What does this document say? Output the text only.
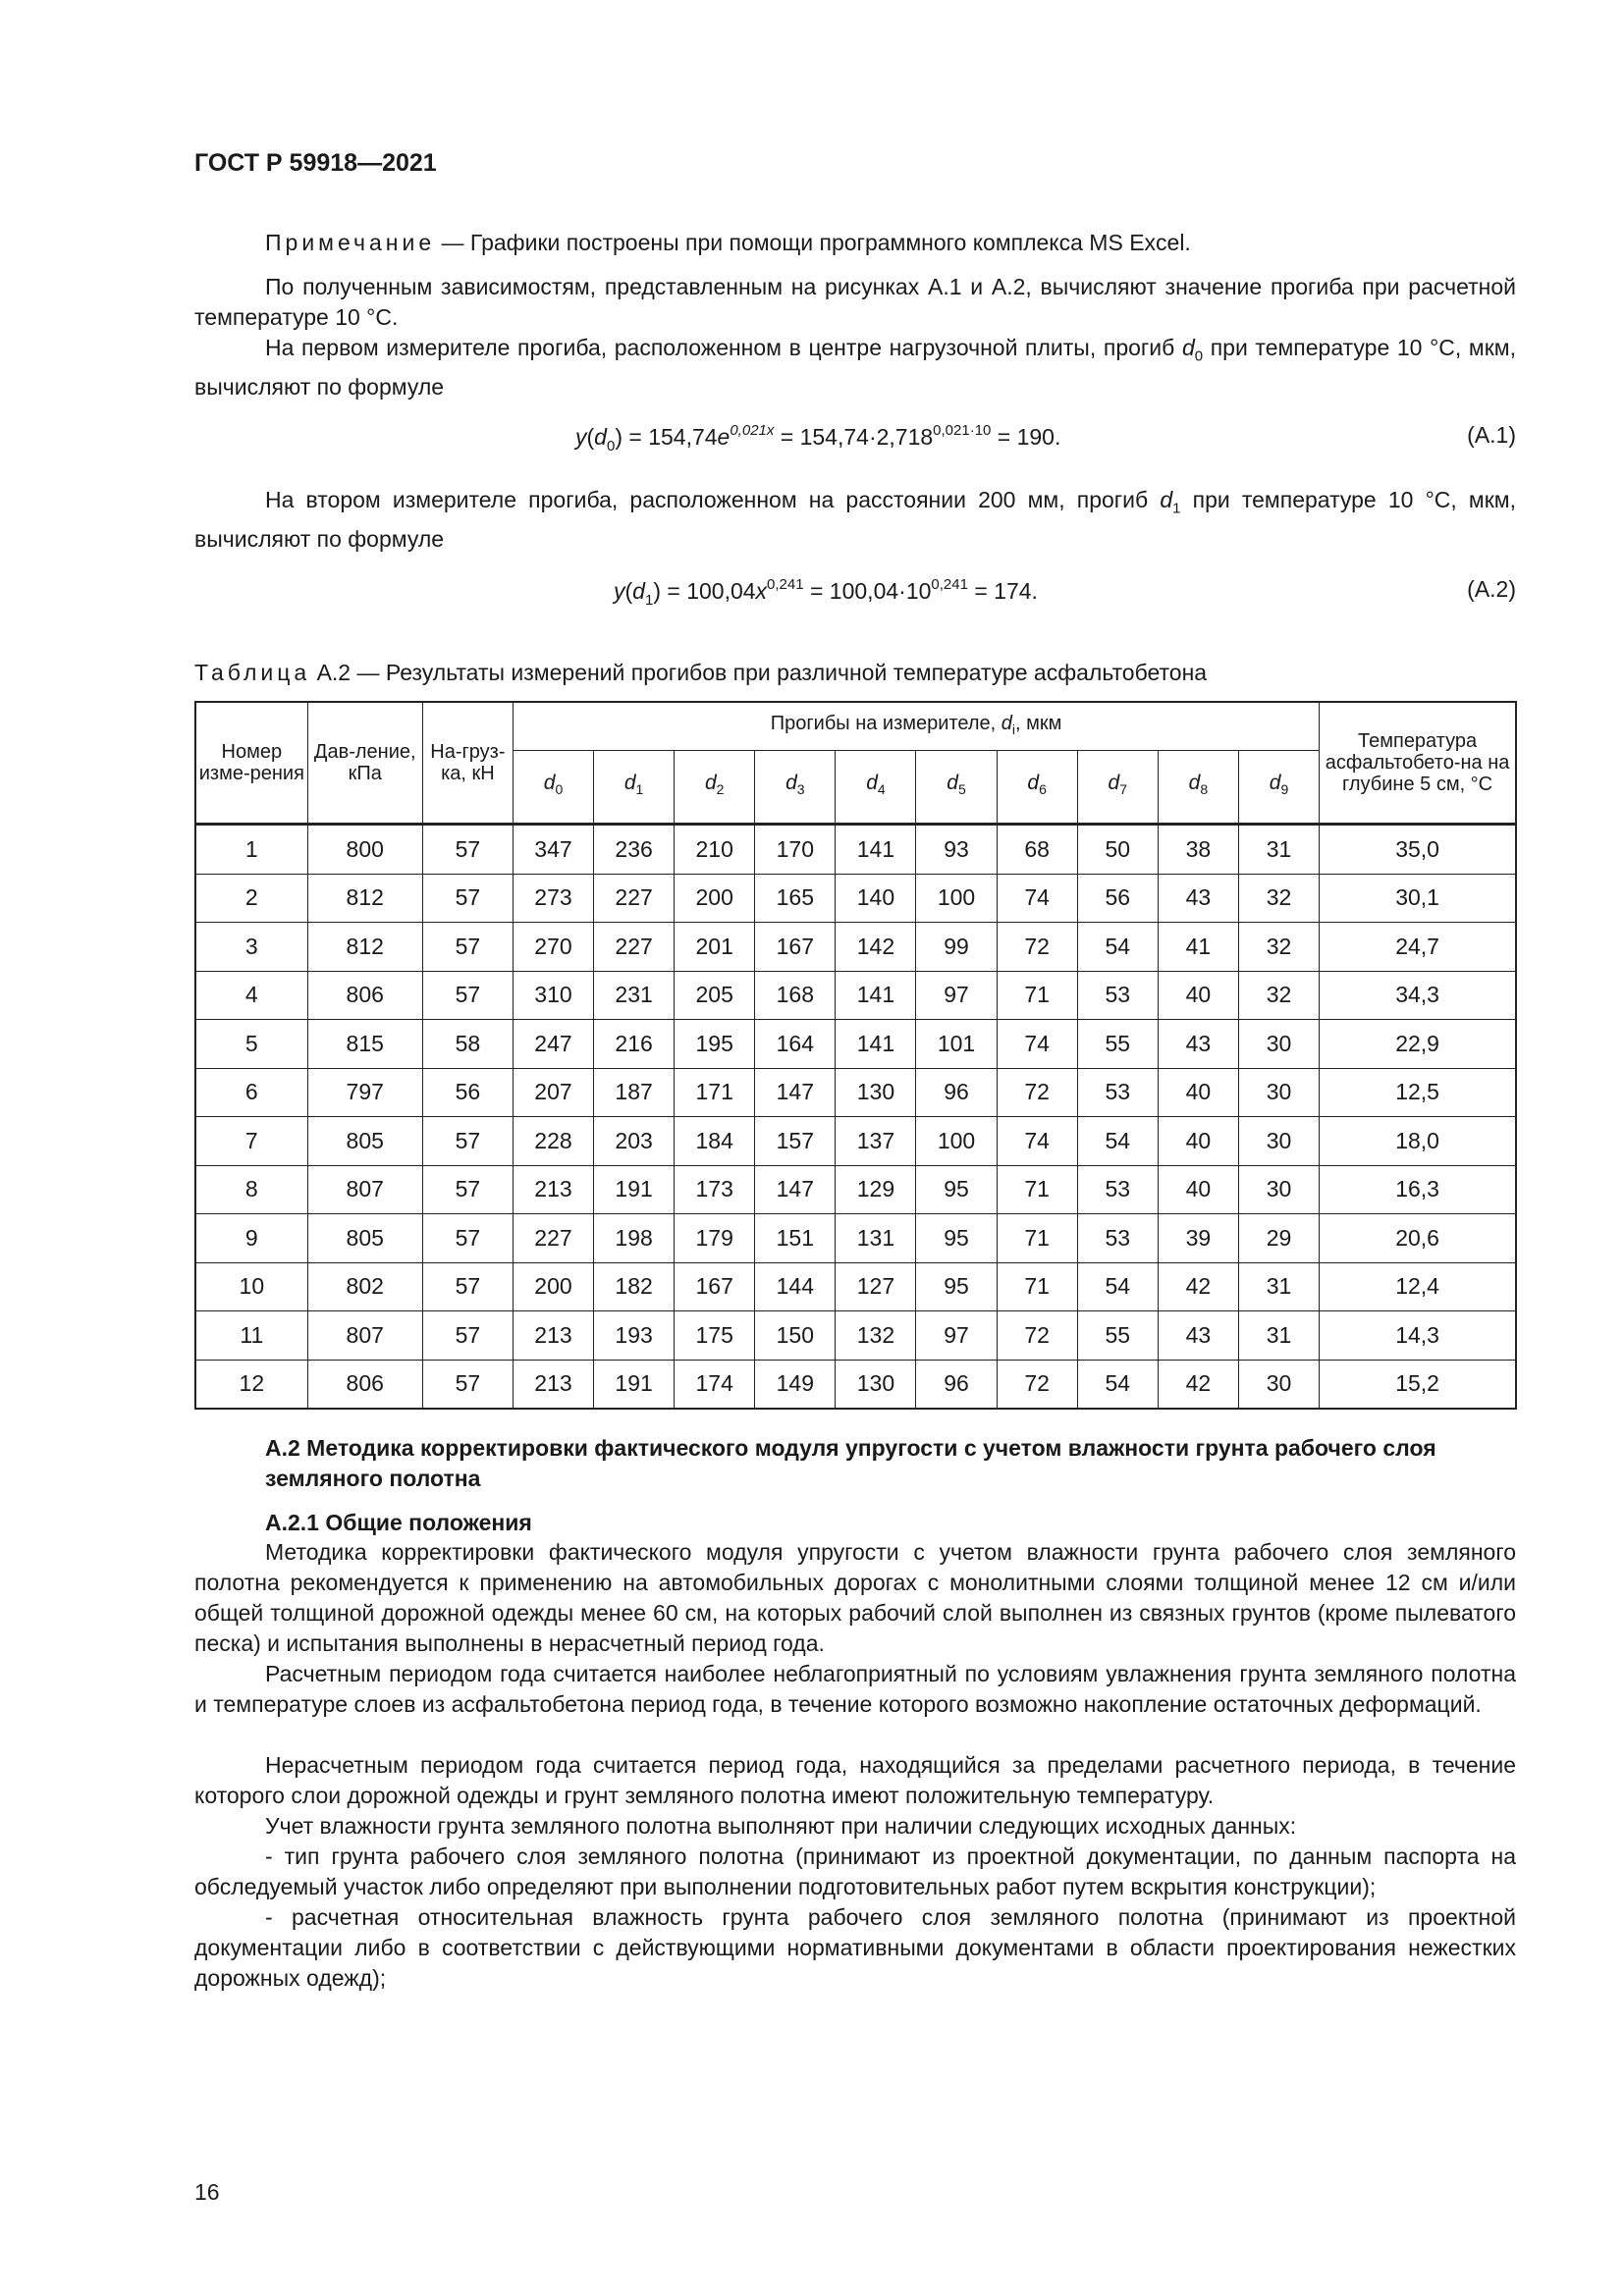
ГОСТ Р 59918—2021

Примечание — Графики построены при помощи программного комплекса MS Excel.

По полученным зависимостям, представленным на рисунках А.1 и А.2, вычисляют значение прогиба при расчетной температуре 10 °С.

На первом измерителе прогиба, расположенном в центре нагрузочной плиты, прогиб $d_0$ при температуре 10 °С, мкм, вычисляют по формуле

$y(d_0) = 154,74e^{0,021x} = 154,74\cdot 2,718^{0,021\cdot 10} = 190$.	(А.1)

На втором измерителе прогиба, расположенном на расстоянии 200 мм, прогиб $d_1$ при температуре 10 °С, мкм, вычисляют по формуле

$y(d_1) = 100,04x^{0,241} = 100,04\cdot 10^{0,241} = 174$.	(А.2)
Таблица А.2 — Результаты измерений прогибов при различной температуре асфальтобетона
Номер изме-рения	Дав-ление, кПа	На-груз-ка, кН	Прогибы на измерителе, $d_i$, мкм										Температура асфальтобето-на на глубине 5 см, °С
			$d_0$	$d_1$	$d_2$	$d_3$	$d_4$	$d_5$	$d_6$	$d_7$	$d_8$	$d_9$
1	800	57	347	236	210	170	141	93	68	50	38	31	35,0
2	812	57	273	227	200	165	140	100	74	56	43	32	30,1
3	812	57	270	227	201	167	142	99	72	54	41	32	24,7
4	806	57	310	231	205	168	141	97	71	53	40	32	34,3
5	815	58	247	216	195	164	141	101	74	55	43	30	22,9
6	797	56	207	187	171	147	130	96	72	53	40	30	12,5
7	805	57	228	203	184	157	137	100	74	54	40	30	18,0
8	807	57	213	191	173	147	129	95	71	53	40	30	16,3
9	805	57	227	198	179	151	131	95	71	53	39	29	20,6
10	802	57	200	182	167	144	127	95	71	54	42	31	12,4
11	807	57	213	193	175	150	132	97	72	55	43	31	14,3
12	806	57	213	191	174	149	130	96	72	54	42	30	15,2
А.2 Методика корректировки фактического модуля упругости с учетом влажности грунта рабочего слоя земляного полотна
А.2.1 Общие положения

Методика корректировки фактического модуля упругости с учетом влажности грунта рабочего слоя земляного полотна рекомендуется к применению на автомобильных дорогах с монолитными слоями толщиной менее 12 см и/или общей толщиной дорожной одежды менее 60 см, на которых рабочий слой выполнен из связных грунтов (кроме пылеватого песка) и испытания выполнены в нерасчетный период года.

Расчетным периодом года считается наиболее неблагоприятный по условиям увлажнения грунта земляного полотна и температуре слоев из асфальтобетона период года, в течение которого возможно накопление остаточных деформаций.

Нерасчетным периодом года считается период года, находящийся за пределами расчетного периода, в течение которого слои дорожной одежды и грунт земляного полотна имеют положительную температуру.

Учет влажности грунта земляного полотна выполняют при наличии следующих исходных данных:

- тип грунта рабочего слоя земляного полотна (принимают из проектной документации, по данным паспорта на обследуемый участок либо определяют при выполнении подготовительных работ путем вскрытия конструкции);

- расчетная относительная влажность грунта рабочего слоя земляного полотна (принимают из проектной документации либо в соответствии с действующими нормативными документами в области проектирования нежестких дорожных одежд);

16
